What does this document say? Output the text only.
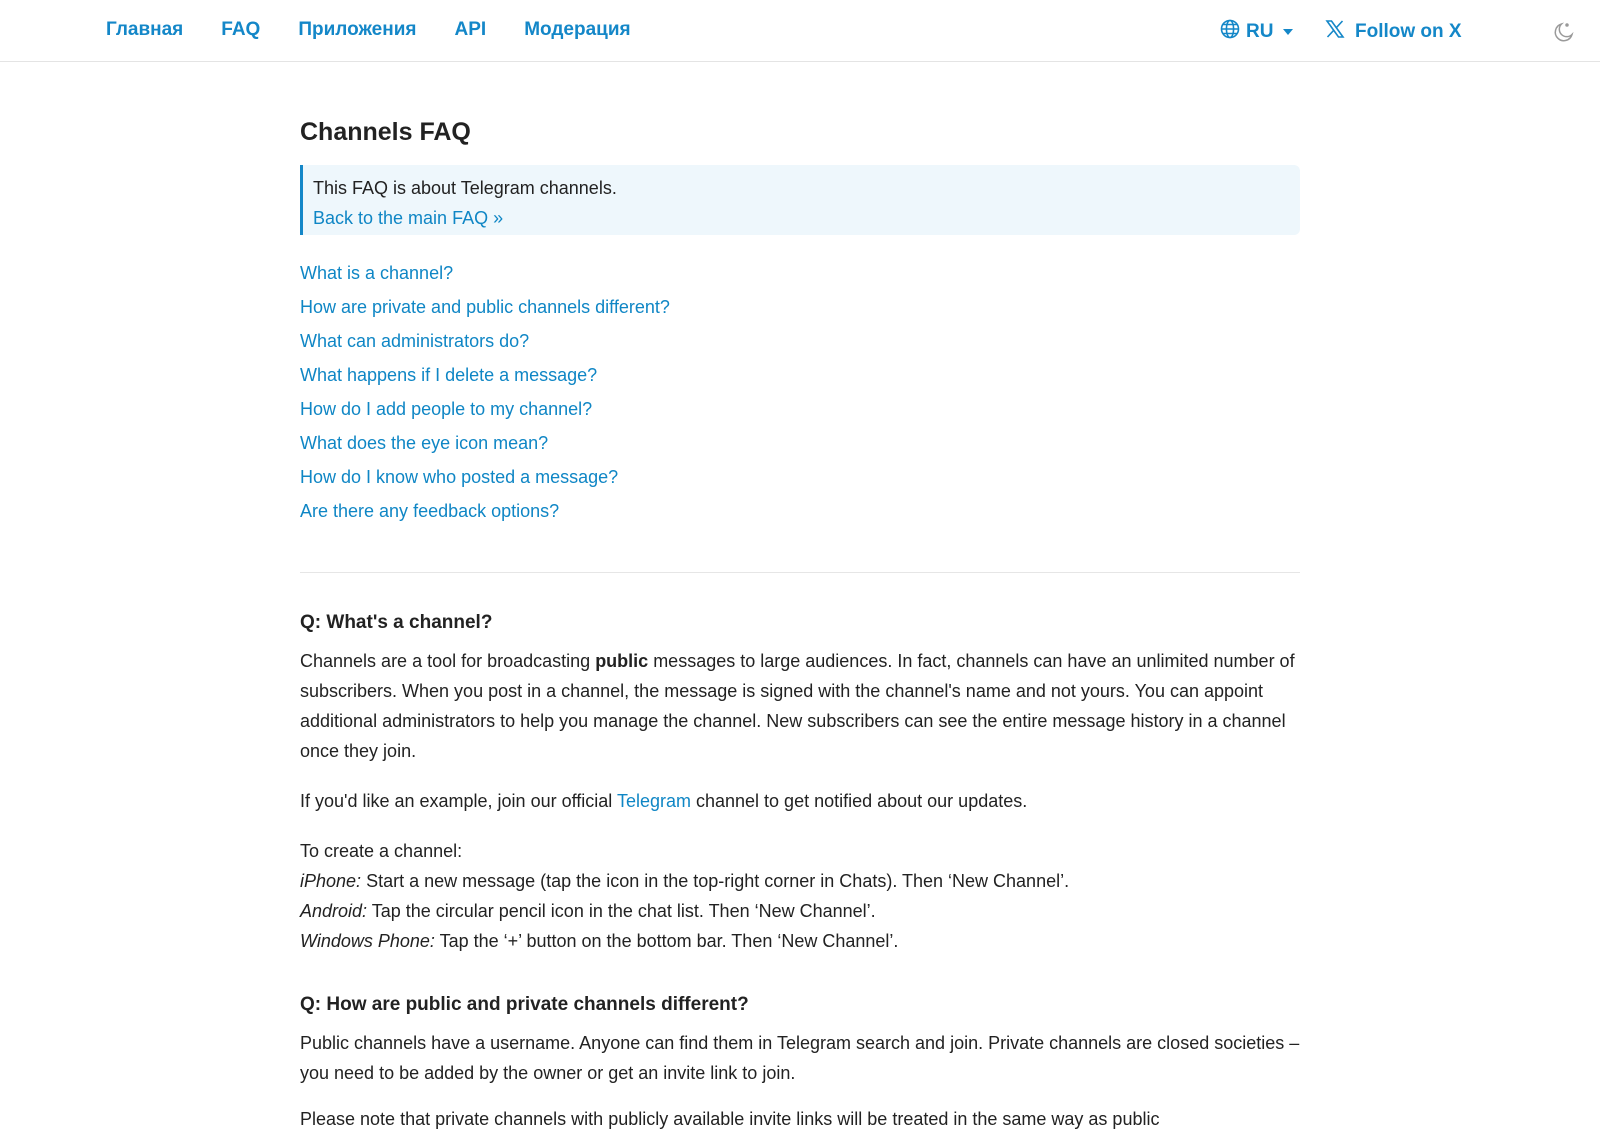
Главная FAQ Приложения API Модерация	RU	Follow on X
Channels FAQ
This FAQ is about Telegram channels.
Back to the main FAQ »
What is a channel?
How are private and public channels different?
What can administrators do?
What happens if I delete a message?
How do I add people to my channel?
What does the eye icon mean?
How do I know who posted a message?
Are there any feedback options?
Q: What's a channel?

Channels are a tool for broadcasting public messages to large audiences. In fact, channels can have an unlimited number of subscribers. When you post in a channel, the message is signed with the channel's name and not yours. You can appoint additional administrators to help you manage the channel. New subscribers can see the entire message history in a channel once they join.

If you'd like an example, join our official Telegram channel to get notified about our updates.

To create a channel:
iPhone: Start a new message (tap the icon in the top-right corner in Chats). Then ‘New Channel’.
Android: Tap the circular pencil icon in the chat list. Then ‘New Channel’.
Windows Phone: Tap the ‘+’ button on the bottom bar. Then ‘New Channel’.

Q: How are public and private channels different?

Public channels have a username. Anyone can find them in Telegram search and join. Private channels are closed societies – you need to be added by the owner or get an invite link to join.

Please note that private channels with publicly available invite links will be treated in the same way as public
